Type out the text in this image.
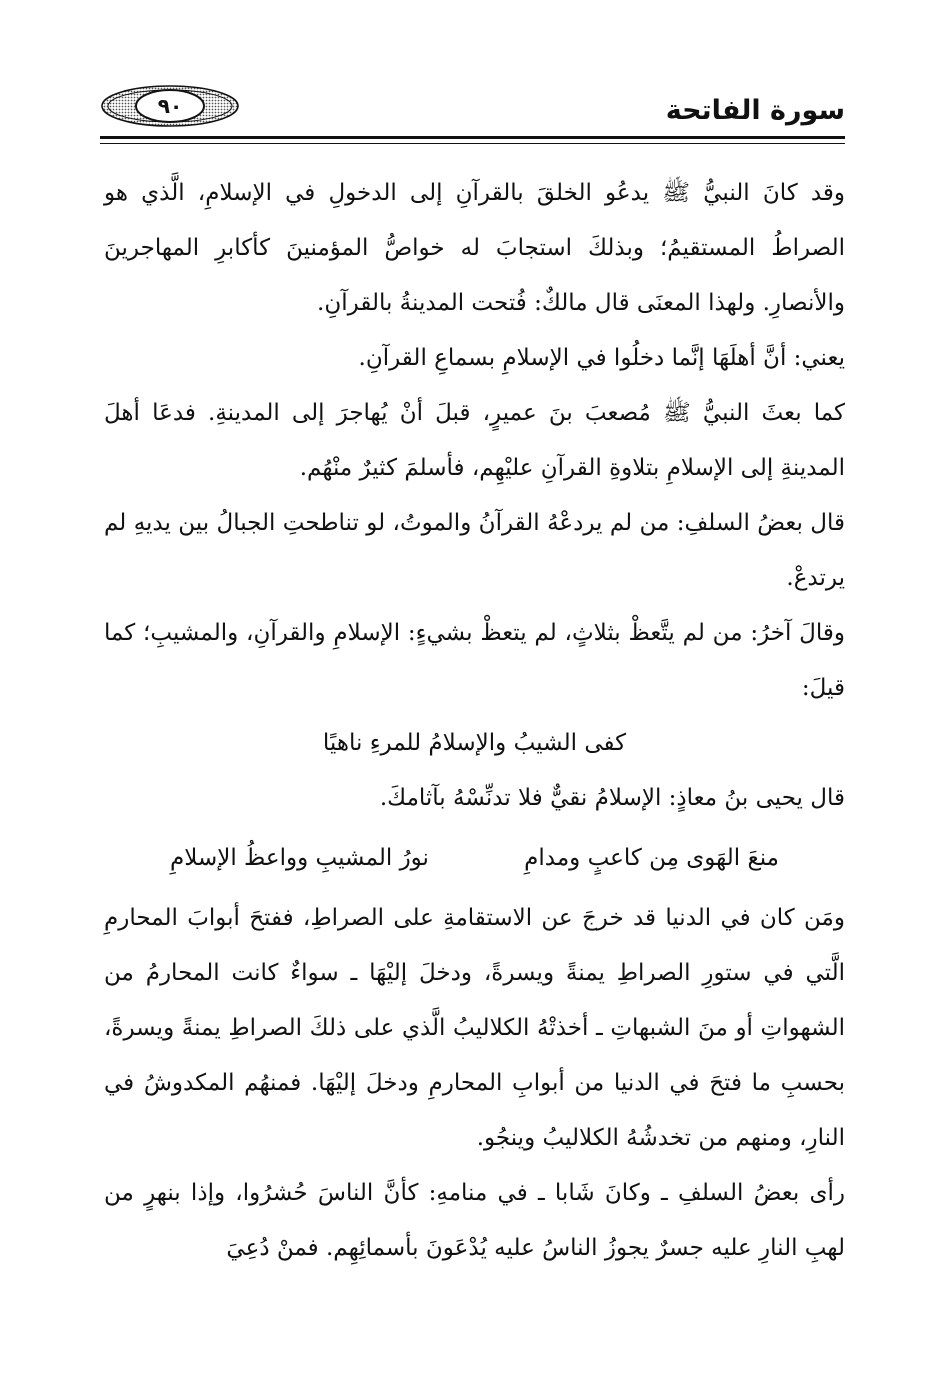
٩٠	سورة الفاتحة

وقد كانَ النبيُّ ﷺ يدعُو الخلقَ بالقرآنِ إلى الدخولِ في الإسلامِ، الَّذي هو الصراطُ المستقيمُ؛ وبذلكَ استجابَ له خواصُّ المؤمنينَ كأكابرِ المهاجرينَ والأنصارِ. ولهذا المعنَى قال مالكٌ: فُتحت المدينةُ بالقرآنِ.

يعني: أنَّ أهلَهَا إنَّما دخلُوا في الإسلامِ بسماعِ القرآنِ.

كما بعثَ النبيُّ ﷺ مُصعبَ بنَ عميرٍ، قبلَ أنْ يُهاجرَ إلى المدينةِ. فدعَا أهلَ المدينةِ إلى الإسلامِ بتلاوةِ القرآنِ عليْهِم، فأسلمَ كثيرٌ منْهُم.

قال بعضُ السلفِ: من لم يردعْهُ القرآنُ والموتُ، لو تناطحتِ الجبالُ بين يديهِ لم يرتدعْ.

وقالَ آخرُ: من لم يتَّعظْ بثلاثٍ، لم يتعظْ بشيءٍ: الإسلامِ والقرآنِ، والمشيبِ؛ كما قيلَ:

كفى الشيبُ والإسلامُ للمرءِ ناهيًا

قال يحيى بنُ معاذٍ: الإسلامُ نقيٌّ فلا تدنِّسْهُ بآثامكَ.

منعَ الهَوى مِن كاعبٍ ومدامِ
نورُ المشيبِ وواعظُ الإسلامِ

ومَن كان في الدنيا قد خرجَ عن الاستقامةِ على الصراطِ، ففتحَ أبوابَ المحارمِ الَّتي في ستورِ الصراطِ يمنةً ويسرةً، ودخلَ إليْهَا ـ سواءٌ كانت المحارمُ من الشهواتِ أو منَ الشبهاتِ ـ أخذتْهُ الكلاليبُ الَّذي على ذلكَ الصراطِ يمنةً ويسرةً، بحسبِ ما فتحَ في الدنيا من أبوابِ المحارمِ ودخلَ إليْهَا. فمنهُم المكدوشُ في النارِ، ومنهم من تخدشُهُ الكلاليبُ وينجُو.

رأى بعضُ السلفِ ـ وكانَ شَابا ـ في منامهِ: كأنَّ الناسَ حُشرُوا، وإذا بنهرٍ من لهبِ النارِ عليه جسرٌ يجوزُ الناسُ عليه يُدْعَونَ بأسمائِهِم. فمنْ دُعِيَ
